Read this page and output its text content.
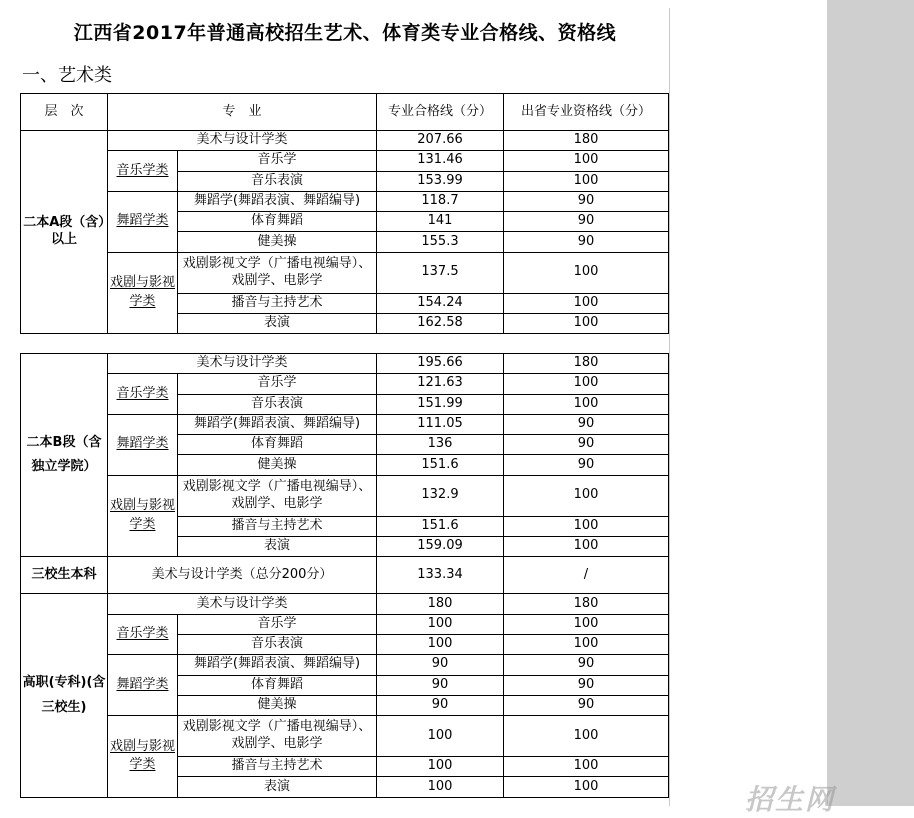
江西省2017年普通高校招生艺术、体育类专业合格线、资格线
一、艺术类
层　次	专　业		专业合格线（分）	出省专业资格线（分）
二本A段（含）以上	美术与设计学类		207.66	180
	音乐学类	音乐学	131.46	100
		音乐表演	153.99	100
	舞蹈学类	舞蹈学(舞蹈表演、舞蹈编导)	118.7	90
		体育舞蹈	141	90
		健美操	155.3	90
	戏剧与影视学类	戏剧影视文学（广播电视编导）、戏剧学、电影学	137.5	100
		播音与主持艺术	154.24	100
		表演	162.58	100
二本B段（含独立学院）	美术与设计学类		195.66	180
	音乐学类	音乐学	121.63	100
		音乐表演	151.99	100
	舞蹈学类	舞蹈学(舞蹈表演、舞蹈编导)	111.05	90
		体育舞蹈	136	90
		健美操	151.6	90
	戏剧与影视学类	戏剧影视文学（广播电视编导）、戏剧学、电影学	132.9	100
		播音与主持艺术	151.6	100
		表演	159.09	100
三校生本科	美术与设计学类（总分200分）		133.34	/
高职(专科)(含三校生)	美术与设计学类		180	180
	音乐学类	音乐学	100	100
		音乐表演	100	100
	舞蹈学类	舞蹈学(舞蹈表演、舞蹈编导)	90	90
		体育舞蹈	90	90
		健美操	90	90
	戏剧与影视学类	戏剧影视文学（广播电视编导）、戏剧学、电影学	100	100
		播音与主持艺术	100	100
		表演	100	100	招生网
